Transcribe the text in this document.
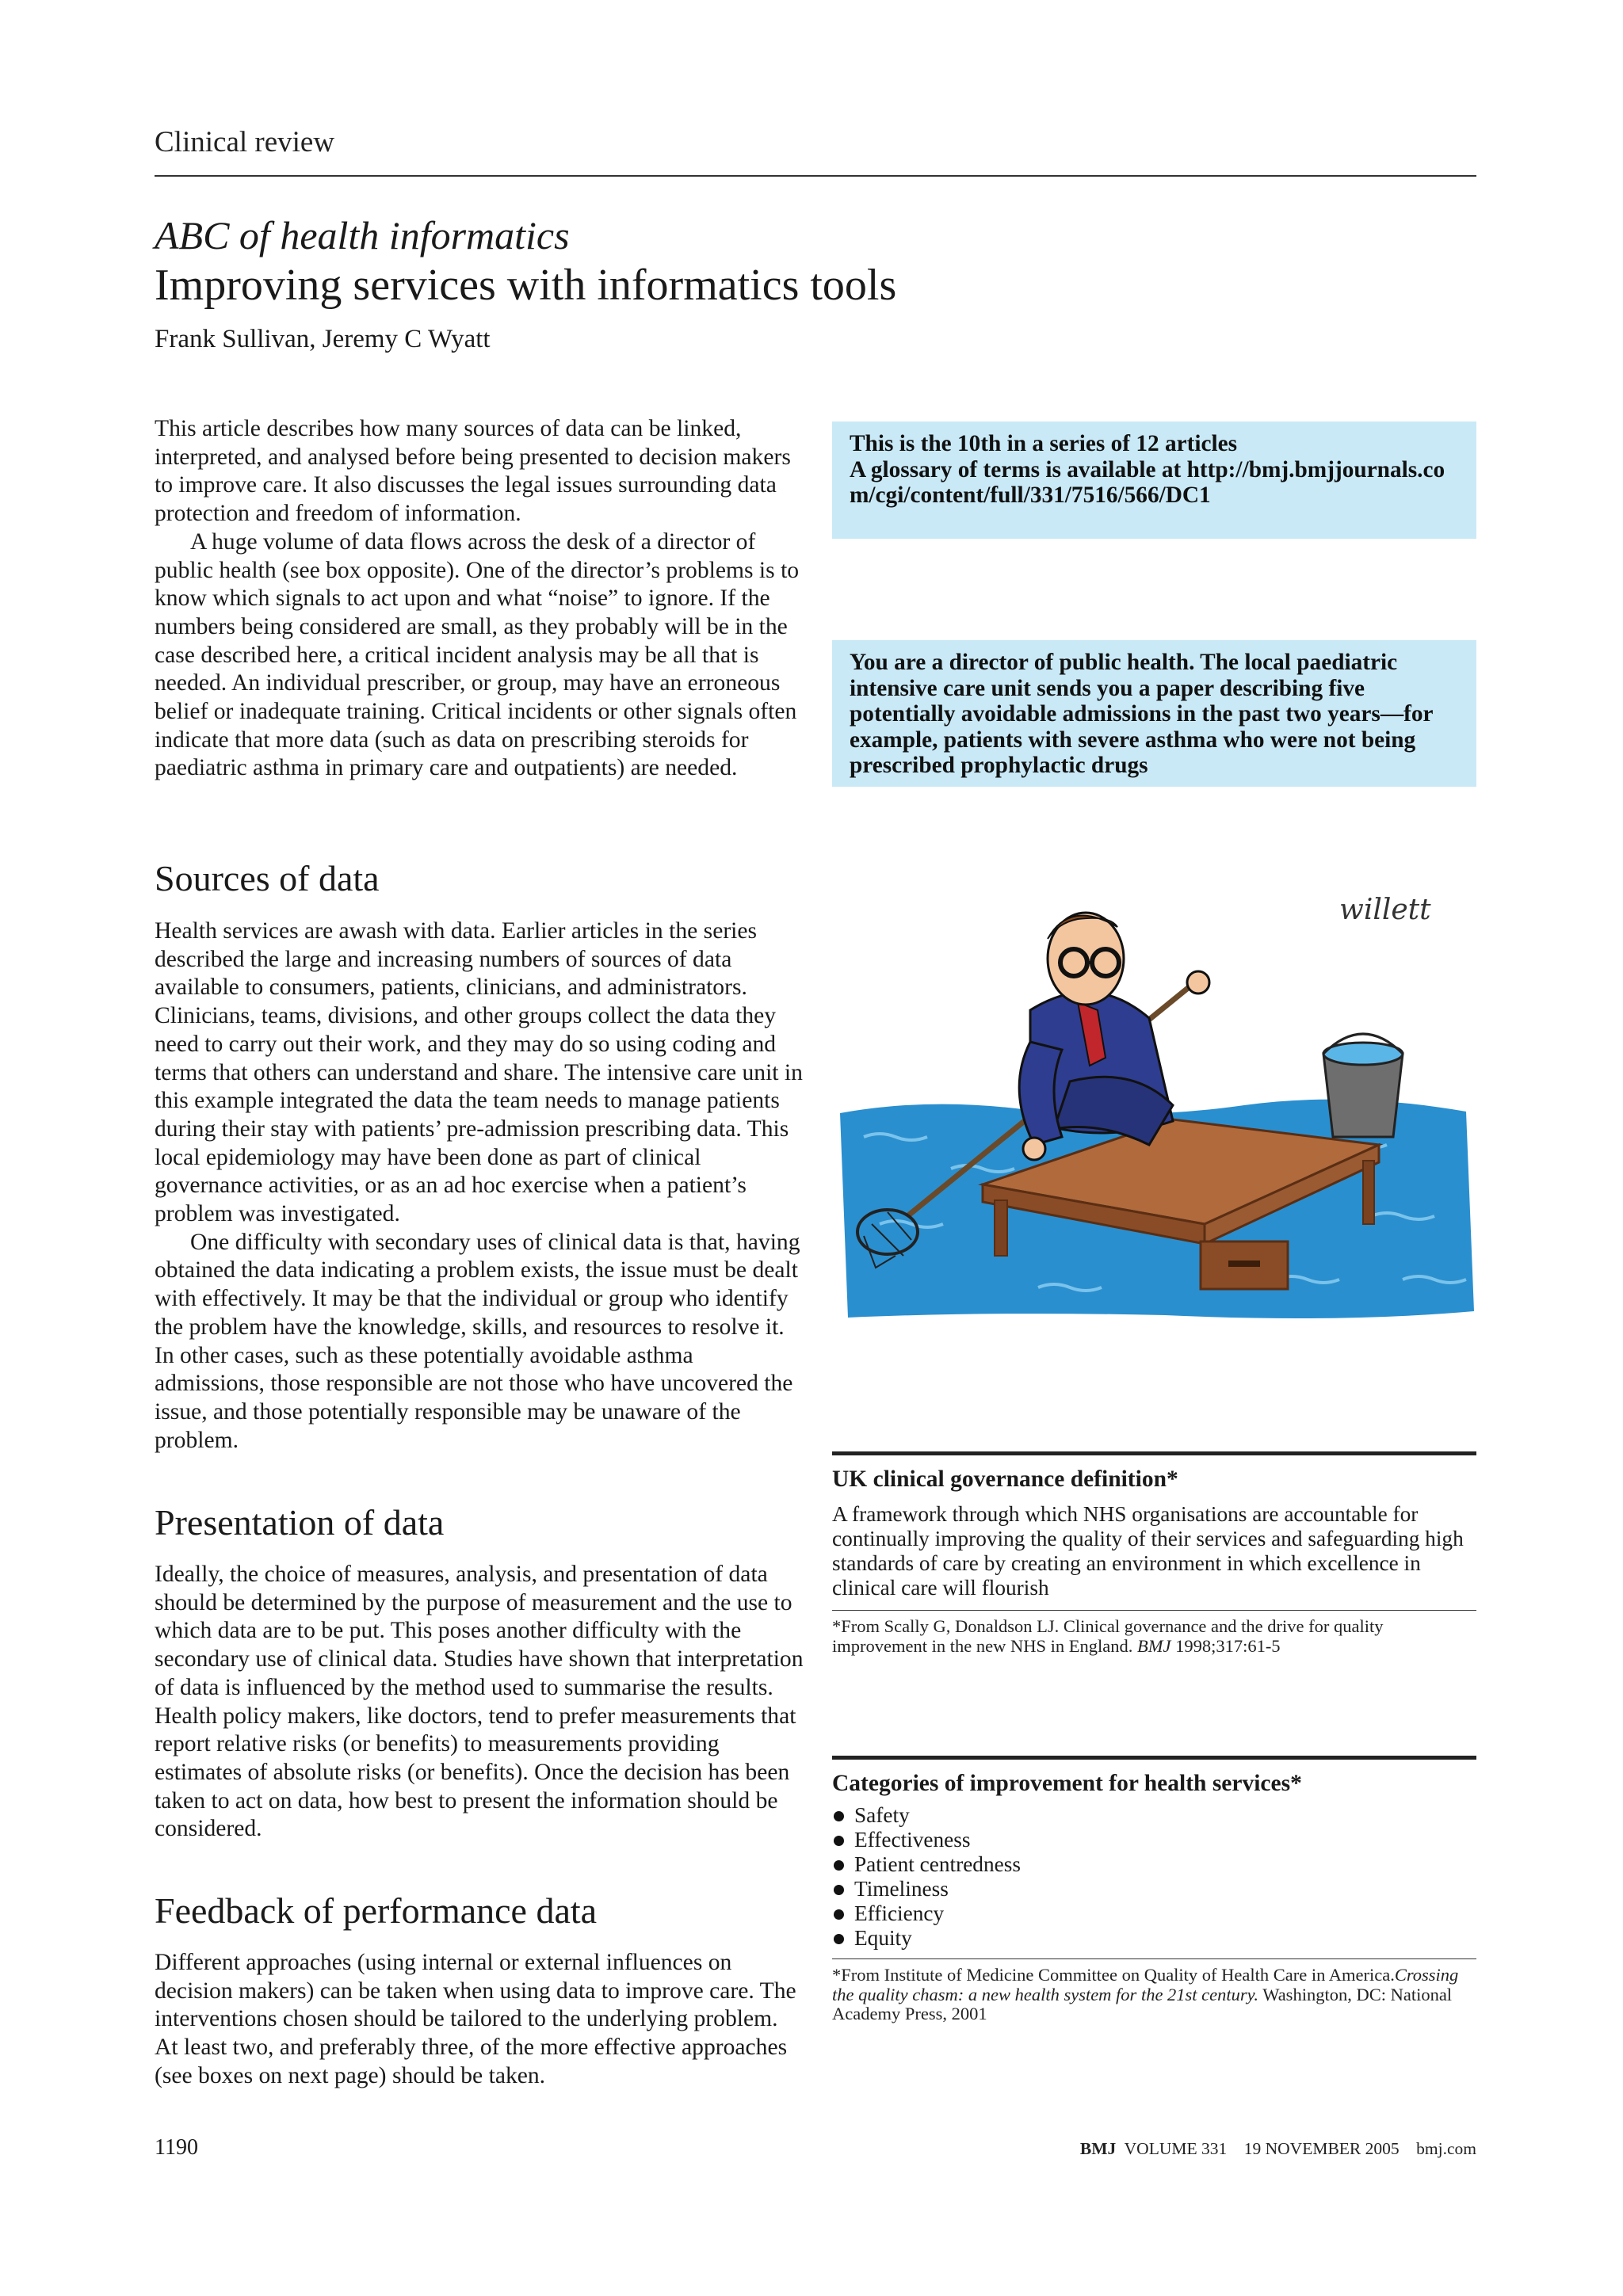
Clinical review
ABC of health informatics
Improving services with informatics tools
Frank Sullivan, Jeremy C Wyatt

This article describes how many sources of data can be linked, interpreted, and analysed before being presented to decision makers to improve care. It also discusses the legal issues surrounding data protection and freedom of information.

A huge volume of data flows across the desk of a director of public health (see box opposite). One of the director’s problems is to know which signals to act upon and what “noise” to ignore. If the numbers being considered are small, as they probably will be in the case described here, a critical incident analysis may be all that is needed. An individual prescriber, or group, may have an erroneous belief or inadequate training. Critical incidents or other signals often indicate that more data (such as data on prescribing steroids for paediatric asthma in primary care and outpatients) are needed.

Sources of data

Health services are awash with data. Earlier articles in the series described the large and increasing numbers of sources of data available to consumers, patients, clinicians, and administrators. Clinicians, teams, divisions, and other groups collect the data they need to carry out their work, and they may do so using coding and terms that others can understand and share. The intensive care unit in this example integrated the data the team needs to manage patients during their stay with patients’ pre-admission prescribing data. This local epidemiology may have been done as part of clinical governance activities, or as an ad hoc exercise when a patient’s problem was investigated.

One difficulty with secondary uses of clinical data is that, having obtained the data indicating a problem exists, the issue must be dealt with effectively. It may be that the individual or group who identify the problem have the knowledge, skills, and resources to resolve it. In other cases, such as these potentially avoidable asthma admissions, those responsible are not those who have uncovered the issue, and those potentially responsible may be unaware of the problem.

Presentation of data

Ideally, the choice of measures, analysis, and presentation of data should be determined by the purpose of measurement and the use to which data are to be put. This poses another difficulty with the secondary use of clinical data. Studies have shown that interpretation of data is influenced by the method used to summarise the results. Health policy makers, like doctors, tend to prefer measurements that report relative risks (or benefits) to measurements providing estimates of absolute risks (or benefits). Once the decision has been taken to act on data, how best to present the information should be considered.

Feedback of performance data

Different approaches (using internal or external influences on decision makers) can be taken when using data to improve care. The interventions chosen should be tailored to the underlying problem. At least two, and preferably three, of the more effective approaches (see boxes on next page) should be taken.

This is the 10th in a series of 12 articles
A glossary of terms is available at http://bmj.bmjjournals.com/cgi/content/full/331/7516/566/DC1
You are a director of public health. The local paediatric intensive care unit sends you a paper describing five potentially avoidable admissions in the past two years—for example, patients with severe asthma who were not being prescribed prophylactic drugs
willett
UK clinical governance definition*
A framework through which NHS organisations are accountable for continually improving the quality of their services and safeguarding high standards of care by creating an environment in which excellence in clinical care will flourish
*From Scally G, Donaldson LJ. Clinical governance and the drive for quality improvement in the new NHS in England. BMJ 1998;317:61-5
Categories of improvement for health services*
Safety
Effectiveness
Patient centredness
Timeliness
Efficiency
Equity
*From Institute of Medicine Committee on Quality of Health Care in America.Crossing the quality chasm: a new health system for the 21st century. Washington, DC: National Academy Press, 2001
1190	BMJ VOLUME 331 19 NOVEMBER 2005 bmj.com
